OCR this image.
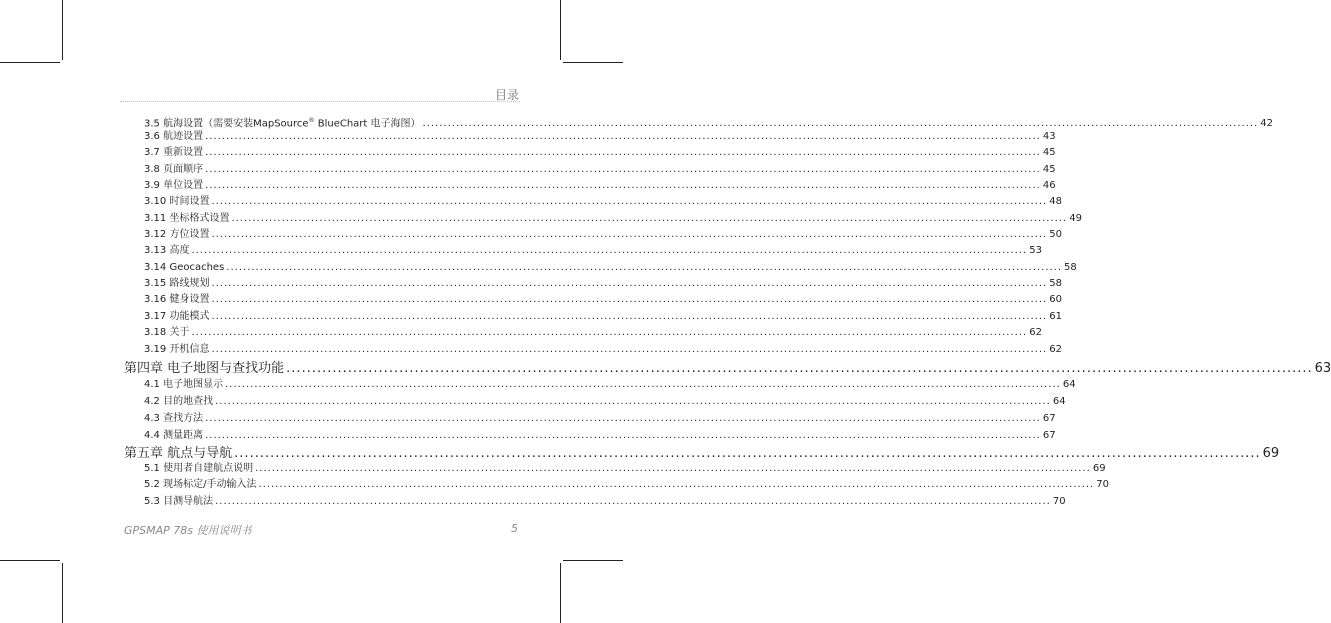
目录
3.5 航海设置（需要安装MapSource® BlueChart 电子海图） ........................................................................................................................................................................................................ 42
3.6 航迹设置 ........................................................................................................................................................................................................ 43
3.7 重新设置 ........................................................................................................................................................................................................ 45
3.8 页面顺序 ........................................................................................................................................................................................................ 45
3.9 单位设置 ........................................................................................................................................................................................................ 46
3.10 时间设置 ........................................................................................................................................................................................................ 48
3.11 坐标格式设置 ........................................................................................................................................................................................................ 49
3.12 方位设置 ........................................................................................................................................................................................................ 50
3.13 高度 ........................................................................................................................................................................................................ 53
3.14 Geocaches ........................................................................................................................................................................................................ 58
3.15 路线规划 ........................................................................................................................................................................................................ 58
3.16 健身设置 ........................................................................................................................................................................................................ 60
3.17 功能模式 ........................................................................................................................................................................................................ 61
3.18 关于 ........................................................................................................................................................................................................ 62
3.19 开机信息 ........................................................................................................................................................................................................ 62
第四章 电子地图与查找功能 ........................................................................................................................................................................................................ 63
4.1 电子地图显示 ........................................................................................................................................................................................................ 64
4.2 目的地查找 ........................................................................................................................................................................................................ 64
4.3 查找方法 ........................................................................................................................................................................................................ 67
4.4 测量距离 ........................................................................................................................................................................................................ 67
第五章 航点与导航 ........................................................................................................................................................................................................ 69
5.1 使用者自建航点说明 ........................................................................................................................................................................................................ 69
5.2 现场标定/手动输入法 ........................................................................................................................................................................................................ 70
5.3 目测导航法 ........................................................................................................................................................................................................ 70
GPSMAP 78s 使用说明书	5
